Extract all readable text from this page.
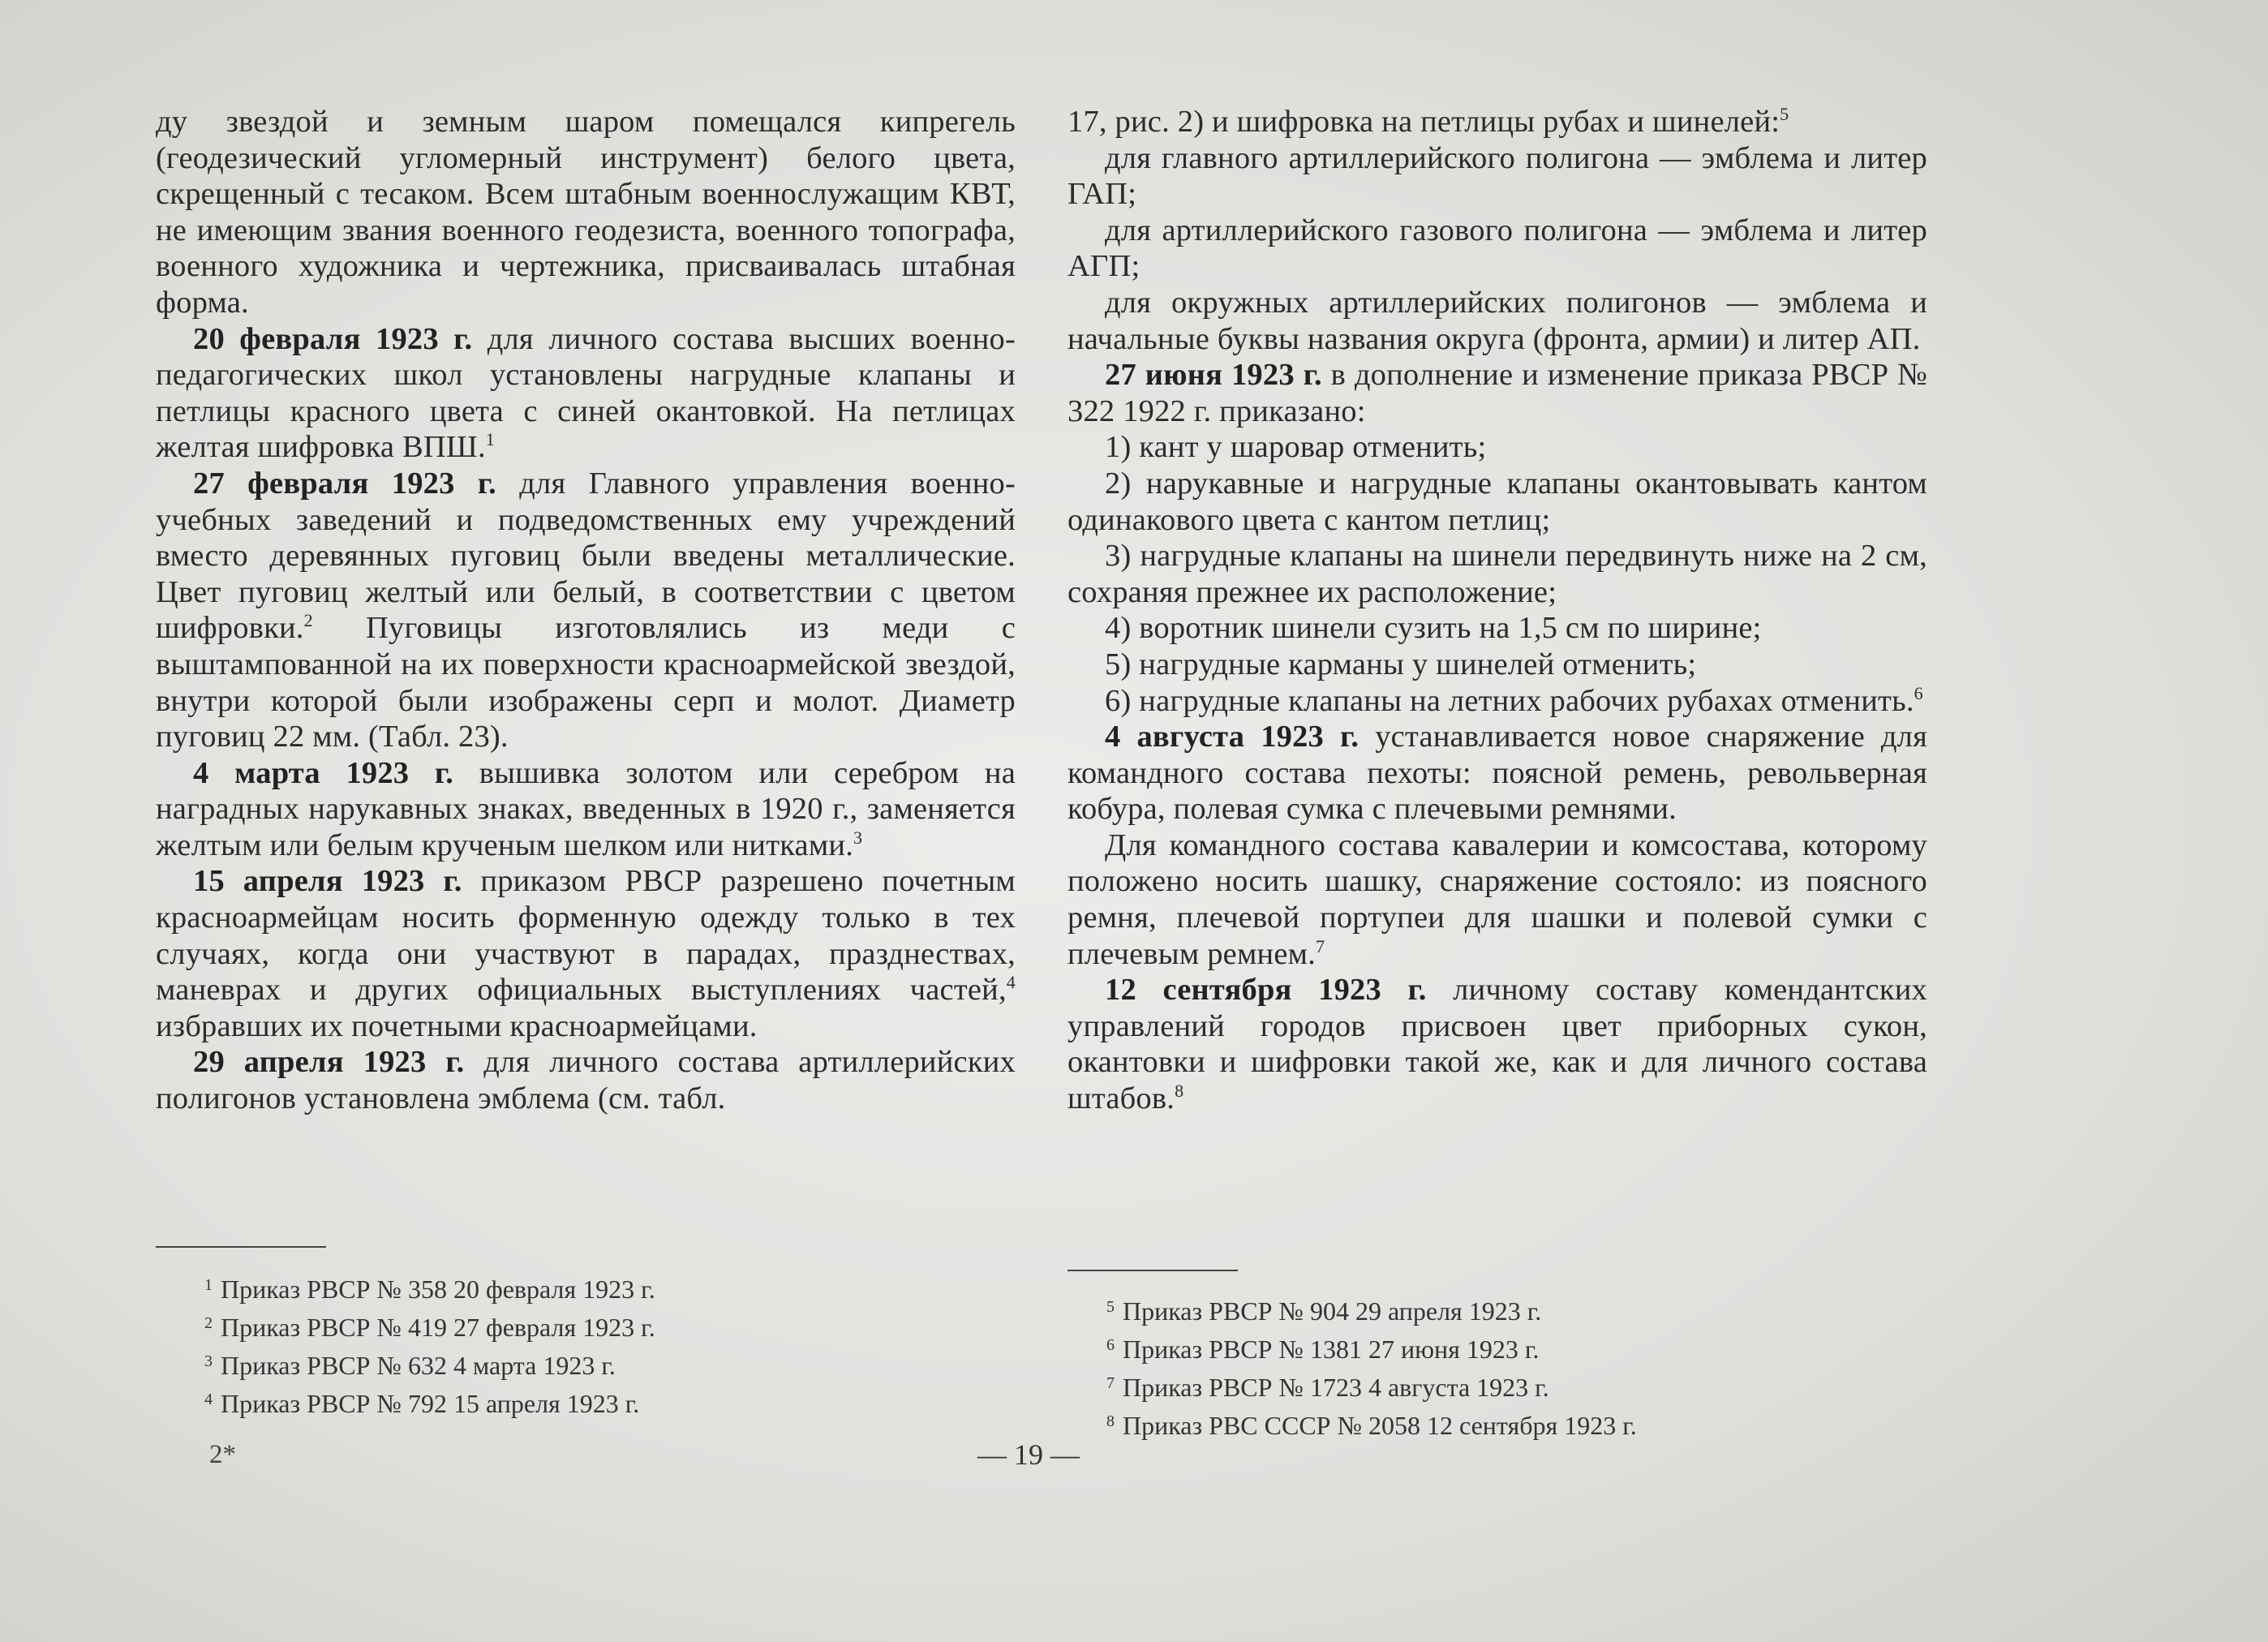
ду звездой и земным шаром помещался кипрегель (геодезический угломерный инструмент) белого цвета, скрещенный с тесаком. Всем штабным военнослужащим КВТ, не имеющим звания военного геодезиста, военного топографа, военного художника и чертежника, присваивалась штабная форма.

20 февраля 1923 г. для личного состава высших военно-педагогических школ установлены нагрудные клапаны и петлицы красного цвета с синей окантовкой. На петлицах желтая шифровка ВПШ.$^1$

27 февраля 1923 г. для Главного управления военно-учебных заведений и подведомственных ему учреждений вместо деревянных пуговиц были введены металлические. Цвет пуговиц желтый или белый, в соответствии с цветом шифровки.$^2$ Пуговицы изготовлялись из меди с выштампованной на их поверхности красноармейской звездой, внутри которой были изображены серп и молот. Диаметр пуговиц 22 мм. (Табл. 23).

4 марта 1923 г. вышивка золотом или серебром на наградных нарукавных знаках, введенных в 1920 г., заменяется желтым или белым крученым шелком или нитками.$^3$

15 апреля 1923 г. приказом РВСР разрешено почетным красноармейцам носить форменную одежду только в тех случаях, когда они участвуют в парадах, празднествах, маневрах и других официальных выступлениях частей,$^4$ избравших их почетными красноармейцами.

29 апреля 1923 г. для личного состава артиллерийских полигонов установлена эмблема (см. табл.

$^1$ Приказ РВСР № 358 20 февраля 1923 г.
$^2$ Приказ РВСР № 419 27 февраля 1923 г.
$^3$ Приказ РВСР № 632 4 марта 1923 г.
$^4$ Приказ РВСР № 792 15 апреля 1923 г.

17, рис. 2) и шифровка на петлицы рубах и шинелей:$^5$

для главного артиллерийского полигона — эмблема и литер ГАП;

для артиллерийского газового полигона — эмблема и литер АГП;

для окружных артиллерийских полигонов — эмблема и начальные буквы названия округа (фронта, армии) и литер АП.

27 июня 1923 г. в дополнение и изменение приказа РВСР № 322 1922 г. приказано:

1) кант у шаровар отменить;

2) нарукавные и нагрудные клапаны окантовывать кантом одинакового цвета с кантом петлиц;

3) нагрудные клапаны на шинели передвинуть ниже на 2 см, сохраняя прежнее их расположение;

4) воротник шинели сузить на 1,5 см по ширине;

5) нагрудные карманы у шинелей отменить;

6) нагрудные клапаны на летних рабочих рубахах отменить.$^6$

4 августа 1923 г. устанавливается новое снаряжение для командного состава пехоты: поясной ремень, револьверная кобура, полевая сумка с плечевыми ремнями.

Для командного состава кавалерии и комсостава, которому положено носить шашку, снаряжение состояло: из поясного ремня, плечевой портупеи для шашки и полевой сумки с плечевым ремнем.$^7$

12 сентября 1923 г. личному составу комендантских управлений городов присвоен цвет приборных сукон, окантовки и шифровки такой же, как и для личного состава штабов.$^8$

$^5$ Приказ РВСР № 904 29 апреля 1923 г.
$^6$ Приказ РВСР № 1381 27 июня 1923 г.
$^7$ Приказ РВСР № 1723 4 августа 1923 г.
$^8$ Приказ РВС СССР № 2058 12 сентября 1923 г.
2*	— 19 —
